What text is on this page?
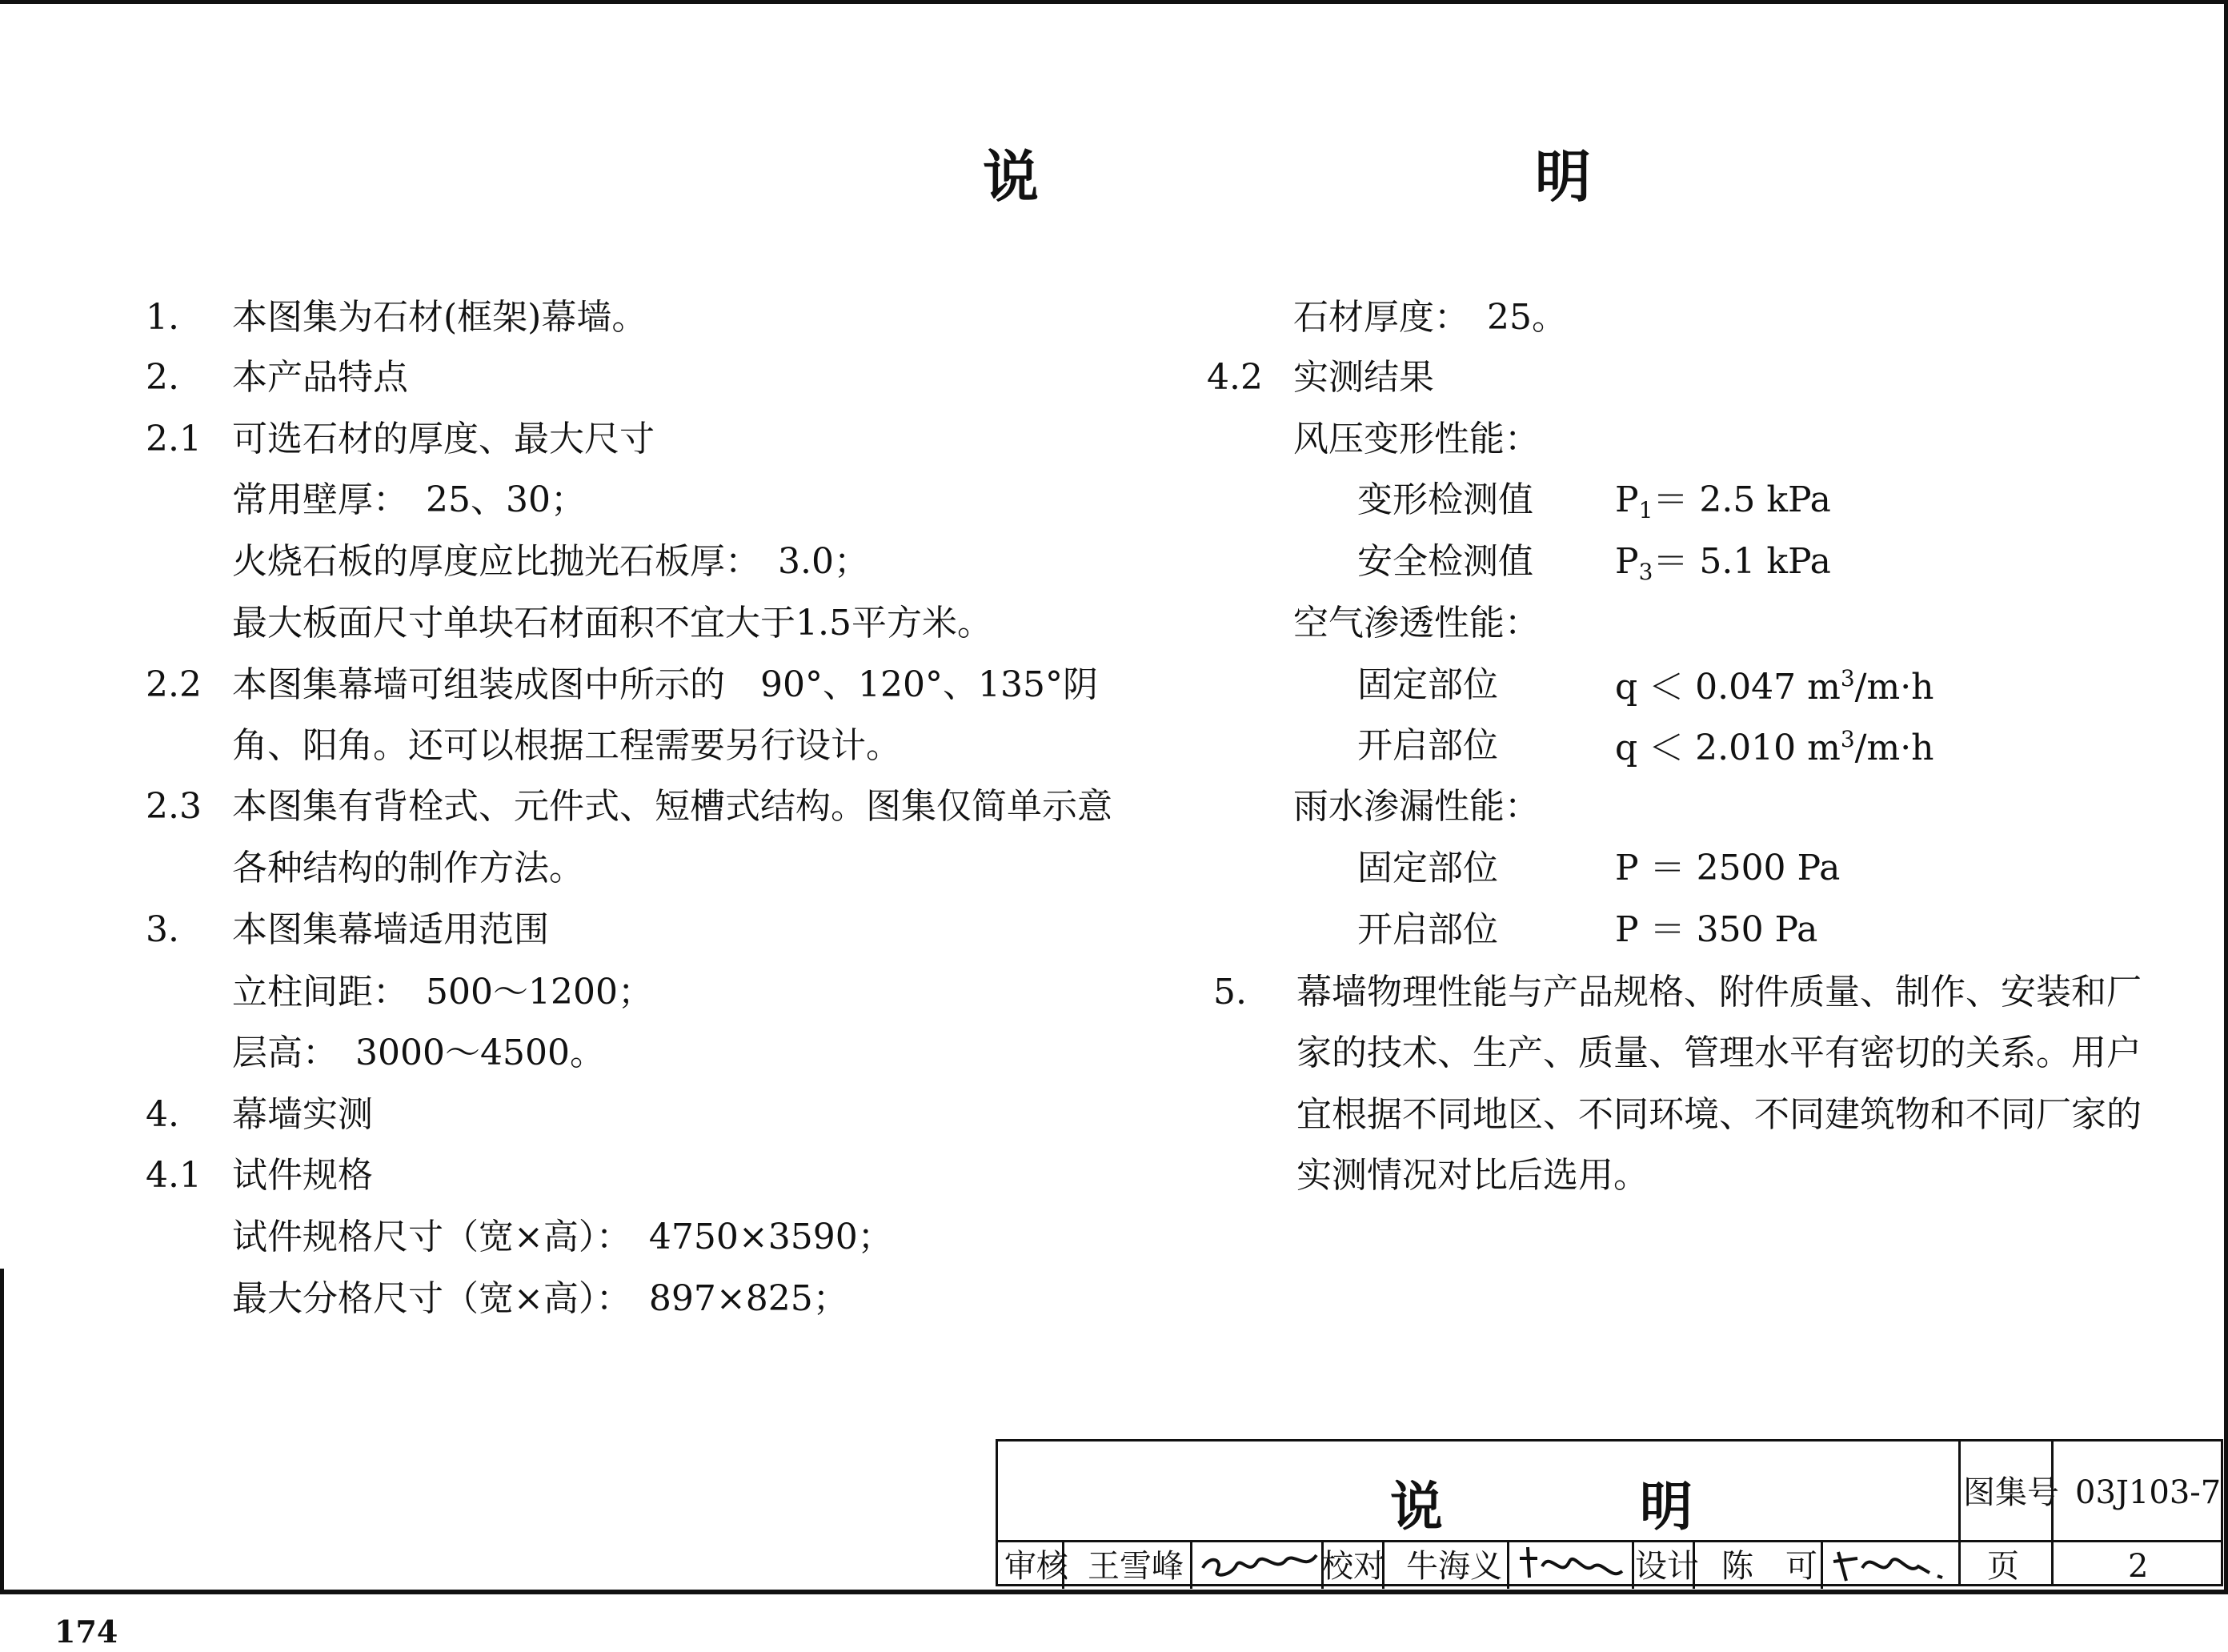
说　　明
1. 本图集为石材(框架)幕墙。
2. 本产品特点
2.1 可选石材的厚度、最大尺寸
常用壁厚：　25、30；
火烧石板的厚度应比抛光石板厚：　3.0；
最大板面尺寸单块石材面积不宜大于1.5平方米。
2.2 本图集幕墙可组装成图中所示的　90°、120°、135°阴
角、阳角。还可以根据工程需要另行设计。
2.3 本图集有背栓式、元件式、短槽式结构。图集仅简单示意
各种结构的制作方法。
3. 本图集幕墙适用范围
立柱间距：　500～1200；
层高：　3000～4500。
4. 幕墙实测
4.1 试件规格
试件规格尺寸（宽×高）：　4750×3590；
最大分格尺寸（宽×高）：　897×825；
石材厚度：　25。
4.2 实测结果
风压变形性能：
变形检测值 $P_1= 2.5$ kPa
安全检测值 $P_3= 5.1$ kPa
空气渗透性能：
固定部位	q ＜ 0.047 $m^3/m\cdot h$
开启部位	q ＜ 2.010 $m^3/m\cdot h$
雨水渗漏性能：
固定部位	P ＝ 2500 Pa
开启部位	P ＝ 350 Pa
5. 幕墙物理性能与产品规格、附件质量、制作、安装和厂
家的技术、生产、质量、管理水平有密切的关系。用户
宜根据不同地区、不同环境、不同建筑物和不同厂家的
实测情况对比后选用。
说　明	图集号 03J103-7
审核 王雪峰	校对 牛海义	设计 陈　可	页	2
174
